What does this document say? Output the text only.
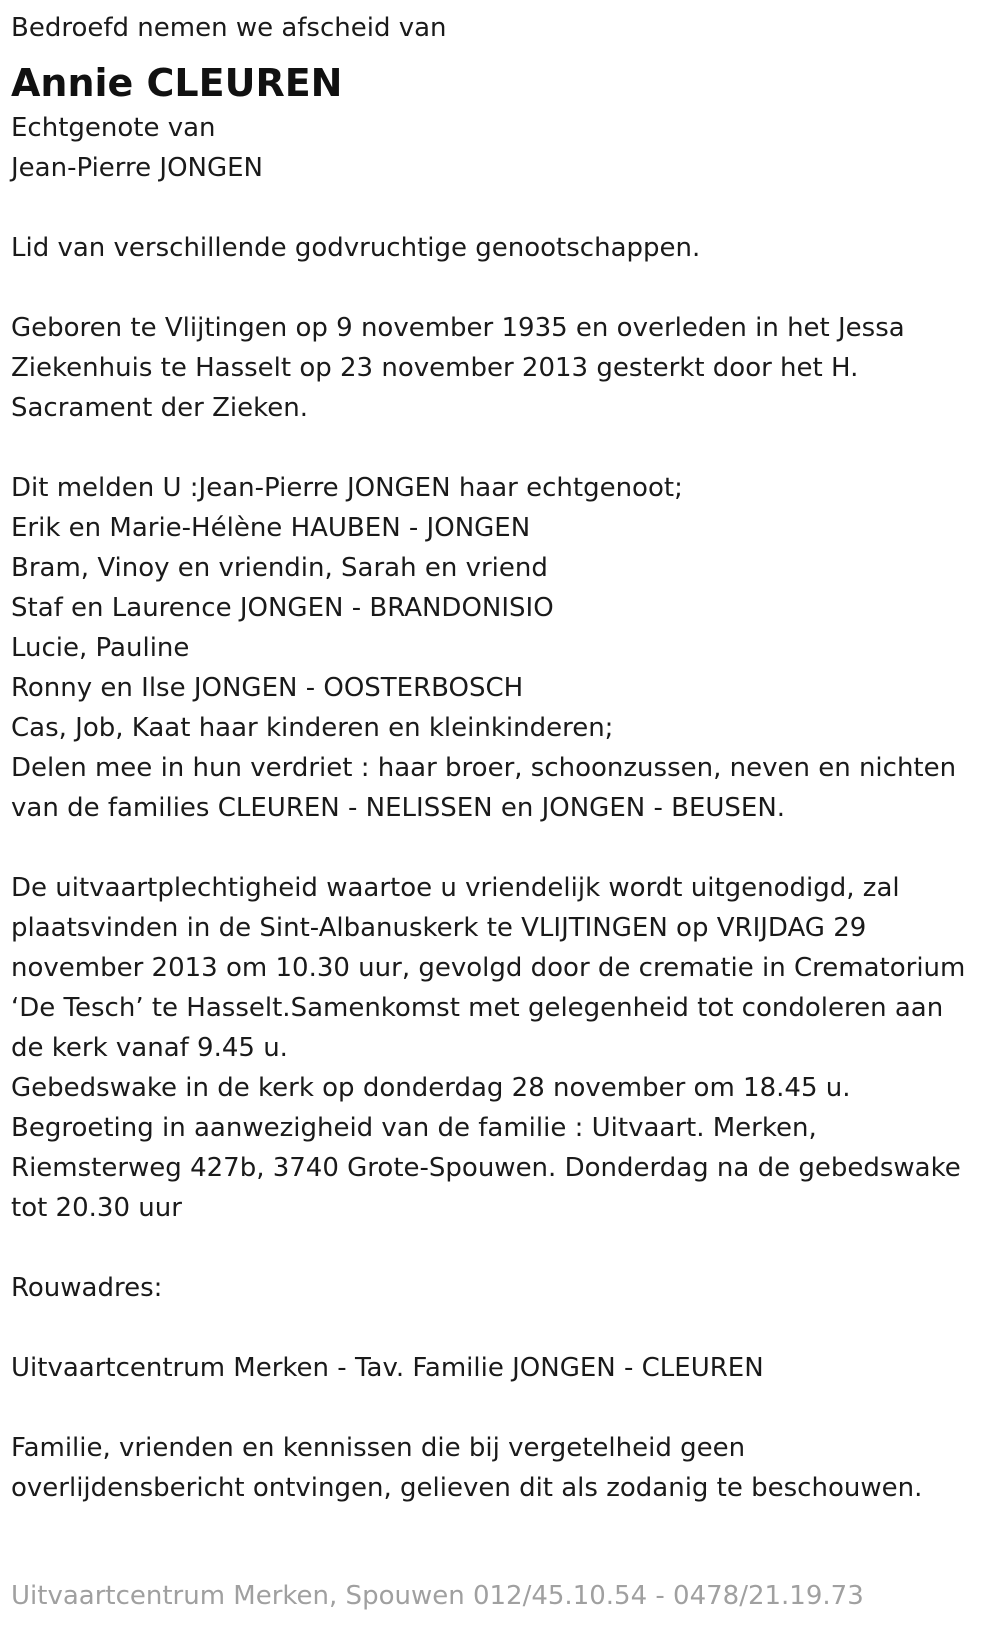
Bedroefd nemen we afscheid van
Annie CLEUREN
Echtgenote van
Jean-Pierre JONGEN
Lid van verschillende godvruchtige genootschappen.
Geboren te Vlijtingen op 9 november 1935 en overleden in het Jessa
Ziekenhuis te Hasselt op 23 november 2013 gesterkt door het H.
Sacrament der Zieken.
Dit melden U :Jean-Pierre JONGEN haar echtgenoot;
Erik en Marie-Hélène HAUBEN - JONGEN
Bram, Vinoy en vriendin, Sarah en vriend
Staf en Laurence JONGEN - BRANDONISIO
Lucie, Pauline
Ronny en Ilse JONGEN - OOSTERBOSCH
Cas, Job, Kaat haar kinderen en kleinkinderen;
Delen mee in hun verdriet : haar broer, schoonzussen, neven en nichten
van de families CLEUREN - NELISSEN en JONGEN - BEUSEN.
De uitvaartplechtigheid waartoe u vriendelijk wordt uitgenodigd, zal
plaatsvinden in de Sint-Albanuskerk te VLIJTINGEN op VRIJDAG 29
november 2013 om 10.30 uur, gevolgd door de crematie in Crematorium
‘De Tesch’ te Hasselt.Samenkomst met gelegenheid tot condoleren aan
de kerk vanaf 9.45 u.
Gebedswake in de kerk op donderdag 28 november om 18.45 u.
Begroeting in aanwezigheid van de familie : Uitvaart. Merken,
Riemsterweg 427b, 3740 Grote-Spouwen. Donderdag na de gebedswake
tot 20.30 uur
Rouwadres:
Uitvaartcentrum Merken - Tav. Familie JONGEN - CLEUREN
Familie, vrienden en kennissen die bij vergetelheid geen
overlijdensbericht ontvingen, gelieven dit als zodanig te beschouwen.
Uitvaartcentrum Merken, Spouwen 012/45.10.54 - 0478/21.19.73
